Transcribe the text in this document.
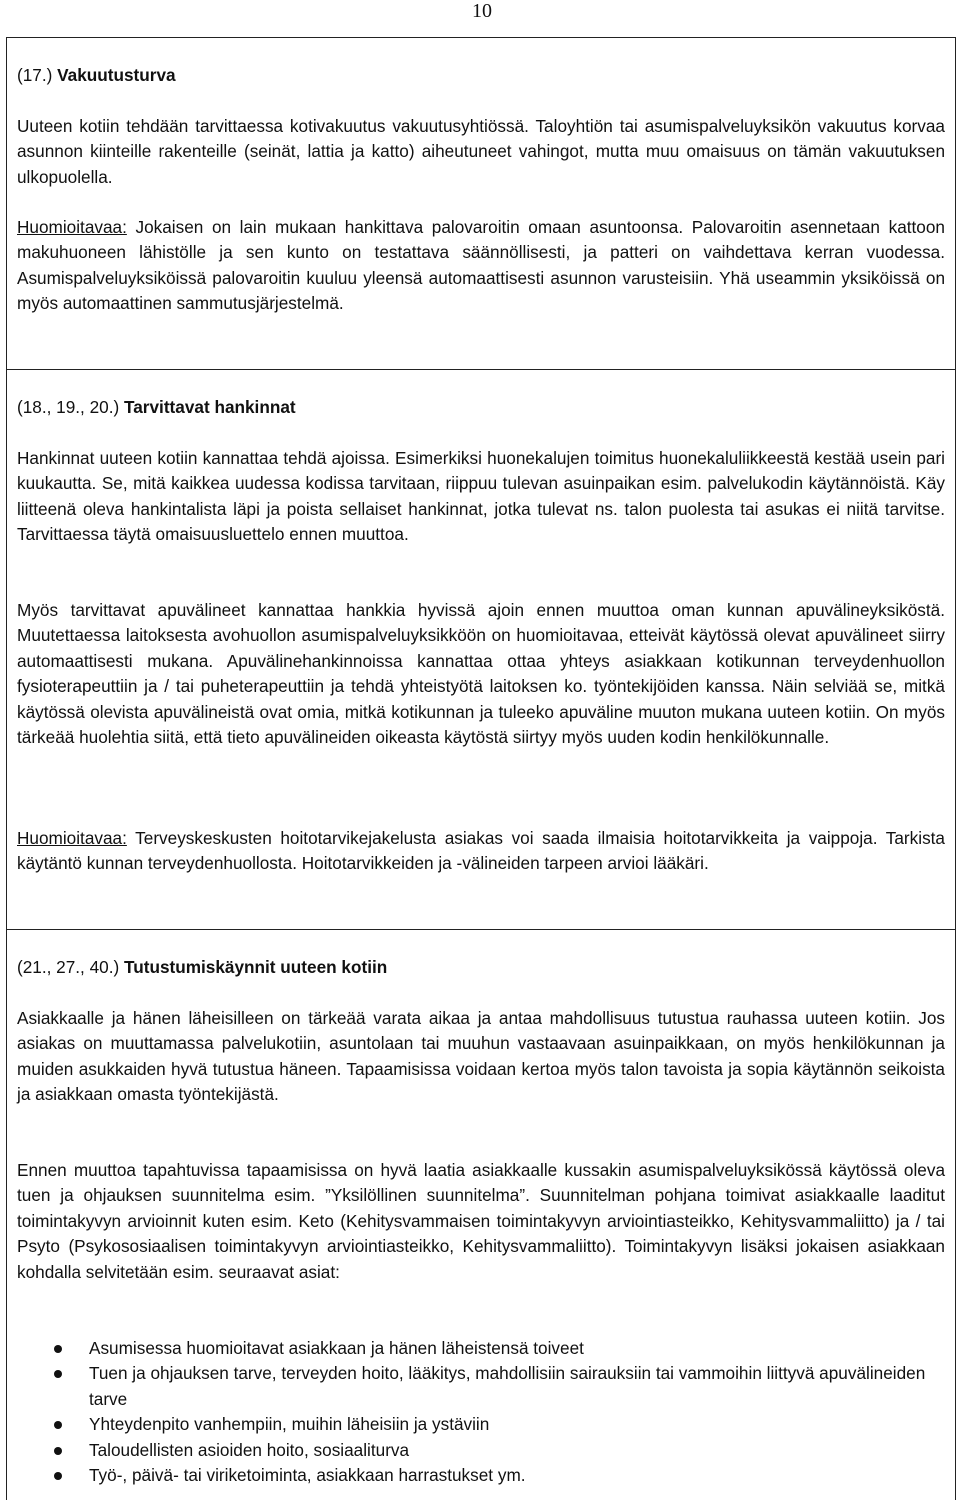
10
(17.) Vakuutusturva
Uuteen kotiin tehdään tarvittaessa kotivakuutus vakuutusyhtiössä. Taloyhtiön tai asumispalveluyksikön vakuutus korvaa asunnon kiinteille rakenteille (seinät, lattia ja katto) aiheutuneet vahingot, mutta muu omaisuus on tämän vakuutuksen ulkopuolella.
Huomioitavaa: Jokaisen on lain mukaan hankittava palovaroitin omaan asuntoonsa. Palovaroitin asennetaan kattoon makuhuoneen lähistölle ja sen kunto on testattava säännöllisesti, ja patteri on vaihdettava kerran vuodessa. Asumispalveluyksiköissä palovaroitin kuuluu yleensä automaattisesti asunnon varusteisiin. Yhä useammin yksiköissä on myös automaattinen sammutusjärjestelmä.
(18., 19., 20.) Tarvittavat hankinnat
Hankinnat uuteen kotiin kannattaa tehdä ajoissa. Esimerkiksi huonekalujen toimitus huonekaluliikkeestä kestää usein pari kuukautta. Se, mitä kaikkea uudessa kodissa tarvitaan, riippuu tulevan asuinpaikan esim. palvelukodin käytännöistä. Käy liitteenä oleva hankintalista läpi ja poista sellaiset hankinnat, jotka tulevat ns. talon puolesta tai asukas ei niitä tarvitse. Tarvittaessa täytä omaisuusluettelo ennen muuttoa.
Myös tarvittavat apuvälineet kannattaa hankkia hyvissä ajoin ennen muuttoa oman kunnan apuvälineyksiköstä. Muutettaessa laitoksesta avohuollon asumispalveluyksikköön on huomioitavaa, etteivät käytössä olevat apuvälineet siirry automaattisesti mukana. Apuvälinehankinnoissa kannattaa ottaa yhteys asiakkaan kotikunnan terveydenhuollon fysioterapeuttiin ja / tai puheterapeuttiin ja tehdä yhteistyötä laitoksen ko. työntekijöiden kanssa. Näin selviää se, mitkä käytössä olevista apuvälineistä ovat omia, mitkä kotikunnan ja tuleeko apuväline muuton mukana uuteen kotiin. On myös tärkeää huolehtia siitä, että tieto apuvälineiden oikeasta käytöstä siirtyy myös uuden kodin henkilökunnalle.
Huomioitavaa: Terveyskeskusten hoitotarvikejakelusta asiakas voi saada ilmaisia hoitotarvikkeita ja vaippoja. Tarkista käytäntö kunnan terveydenhuollosta. Hoitotarvikkeiden ja -välineiden tarpeen arvioi lääkäri.
(21., 27., 40.) Tutustumiskäynnit uuteen kotiin
Asiakkaalle ja hänen läheisilleen on tärkeää varata aikaa ja antaa mahdollisuus tutustua rauhassa uuteen kotiin. Jos asiakas on muuttamassa palvelukotiin, asuntolaan tai muuhun vastaavaan asuinpaikkaan, on myös henkilökunnan ja muiden asukkaiden hyvä tutustua häneen. Tapaamisissa voidaan kertoa myös talon tavoista ja sopia käytännön seikoista ja asiakkaan omasta työntekijästä.
Ennen muuttoa tapahtuvissa tapaamisissa on hyvä laatia asiakkaalle kussakin asumispalveluyksikössä käytössä oleva tuen ja ohjauksen suunnitelma esim. ”Yksilöllinen suunnitelma”. Suunnitelman pohjana toimivat asiakkaalle laaditut toimintakyvyn arvioinnit kuten esim. Keto (Kehitysvammaisen toimintakyvyn arviointiasteikko, Kehitysvammaliitto) ja / tai Psyto (Psykososiaalisen toimintakyvyn arviointiasteikko, Kehitysvammaliitto). Toimintakyvyn lisäksi jokaisen asiakkaan kohdalla selvitetään esim. seuraavat asiat:
Asumisessa huomioitavat asiakkaan ja hänen läheistensä toiveet
Tuen ja ohjauksen tarve, terveyden hoito, lääkitys, mahdollisiin sairauksiin tai vammoihin liittyvä apuvälineiden tarve
Yhteydenpito vanhempiin, muihin läheisiin ja ystäviin
Taloudellisten asioiden hoito, sosiaaliturva
Työ-, päivä- tai viriketoiminta, asiakkaan harrastukset ym.
